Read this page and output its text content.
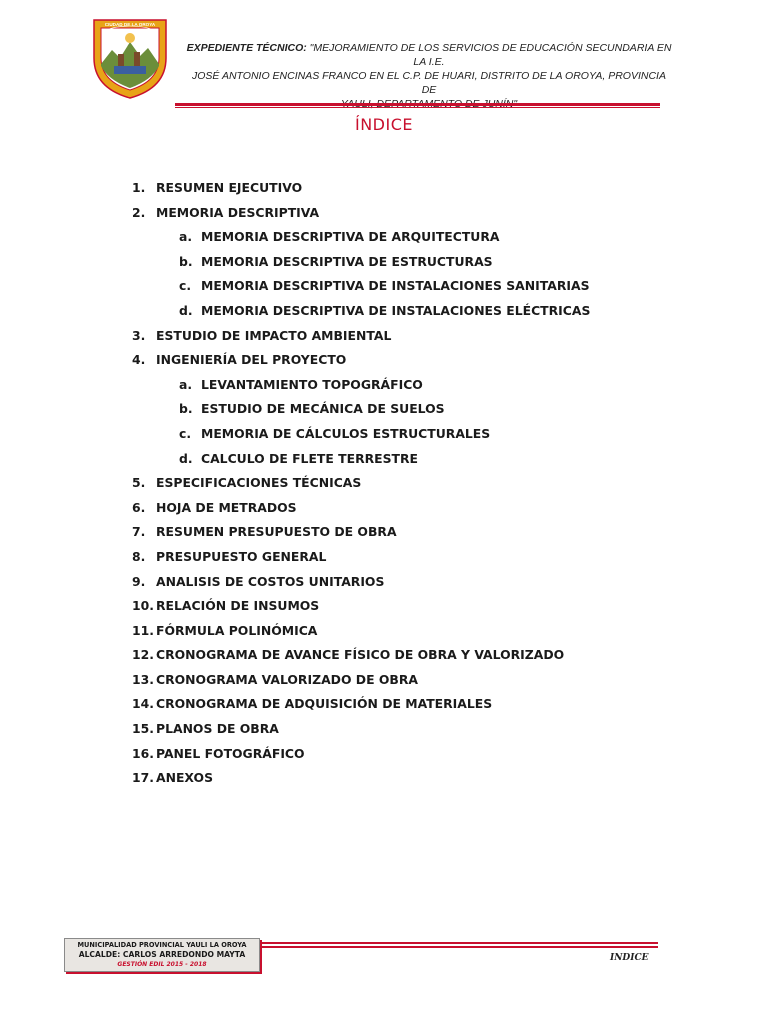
CIUDAD DE LA OROYA
EXPEDIENTE TÉCNICO: "MEJORAMIENTO DE LOS SERVICIOS DE EDUCACIÓN SECUNDARIA EN LA I.E.
JOSÉ ANTONIO ENCINAS FRANCO EN EL C.P. DE HUARI, DISTRITO DE LA OROYA, PROVINCIA DE
ÍNDICE
1. RESUMEN EJECUTIVO
2. MEMORIA DESCRIPTIVA
a. MEMORIA DESCRIPTIVA DE ARQUITECTURA
b. MEMORIA DESCRIPTIVA DE ESTRUCTURAS
c. MEMORIA DESCRIPTIVA DE INSTALACIONES SANITARIAS
d. MEMORIA DESCRIPTIVA DE INSTALACIONES ELÉCTRICAS
3. ESTUDIO DE IMPACTO AMBIENTAL
4. INGENIERÍA DEL PROYECTO
a. LEVANTAMIENTO TOPOGRÁFICO
b. ESTUDIO DE MECÁNICA DE SUELOS
c. MEMORIA DE CÁLCULOS ESTRUCTURALES
d. CALCULO DE FLETE TERRESTRE
5. ESPECIFICACIONES TÉCNICAS
6. HOJA DE METRADOS
7. RESUMEN PRESUPUESTO DE OBRA
8. PRESUPUESTO GENERAL
9. ANALISIS DE COSTOS UNITARIOS
10. RELACIÓN DE INSUMOS
11. FÓRMULA POLINÓMICA
12. CRONOGRAMA DE AVANCE FÍSICO DE OBRA Y VALORIZADO
13. CRONOGRAMA VALORIZADO DE OBRA
14. CRONOGRAMA DE ADQUISICIÓN DE MATERIALES
15. PLANOS DE OBRA
16. PANEL FOTOGRÁFICO
17. ANEXOS
MUNICIPALIDAD PROVINCIAL YAULI LA OROYA
ALCALDE: CARLOS ARREDONDO MAYTA
GESTIÓN EDIL 2015 - 2018
INDICE
